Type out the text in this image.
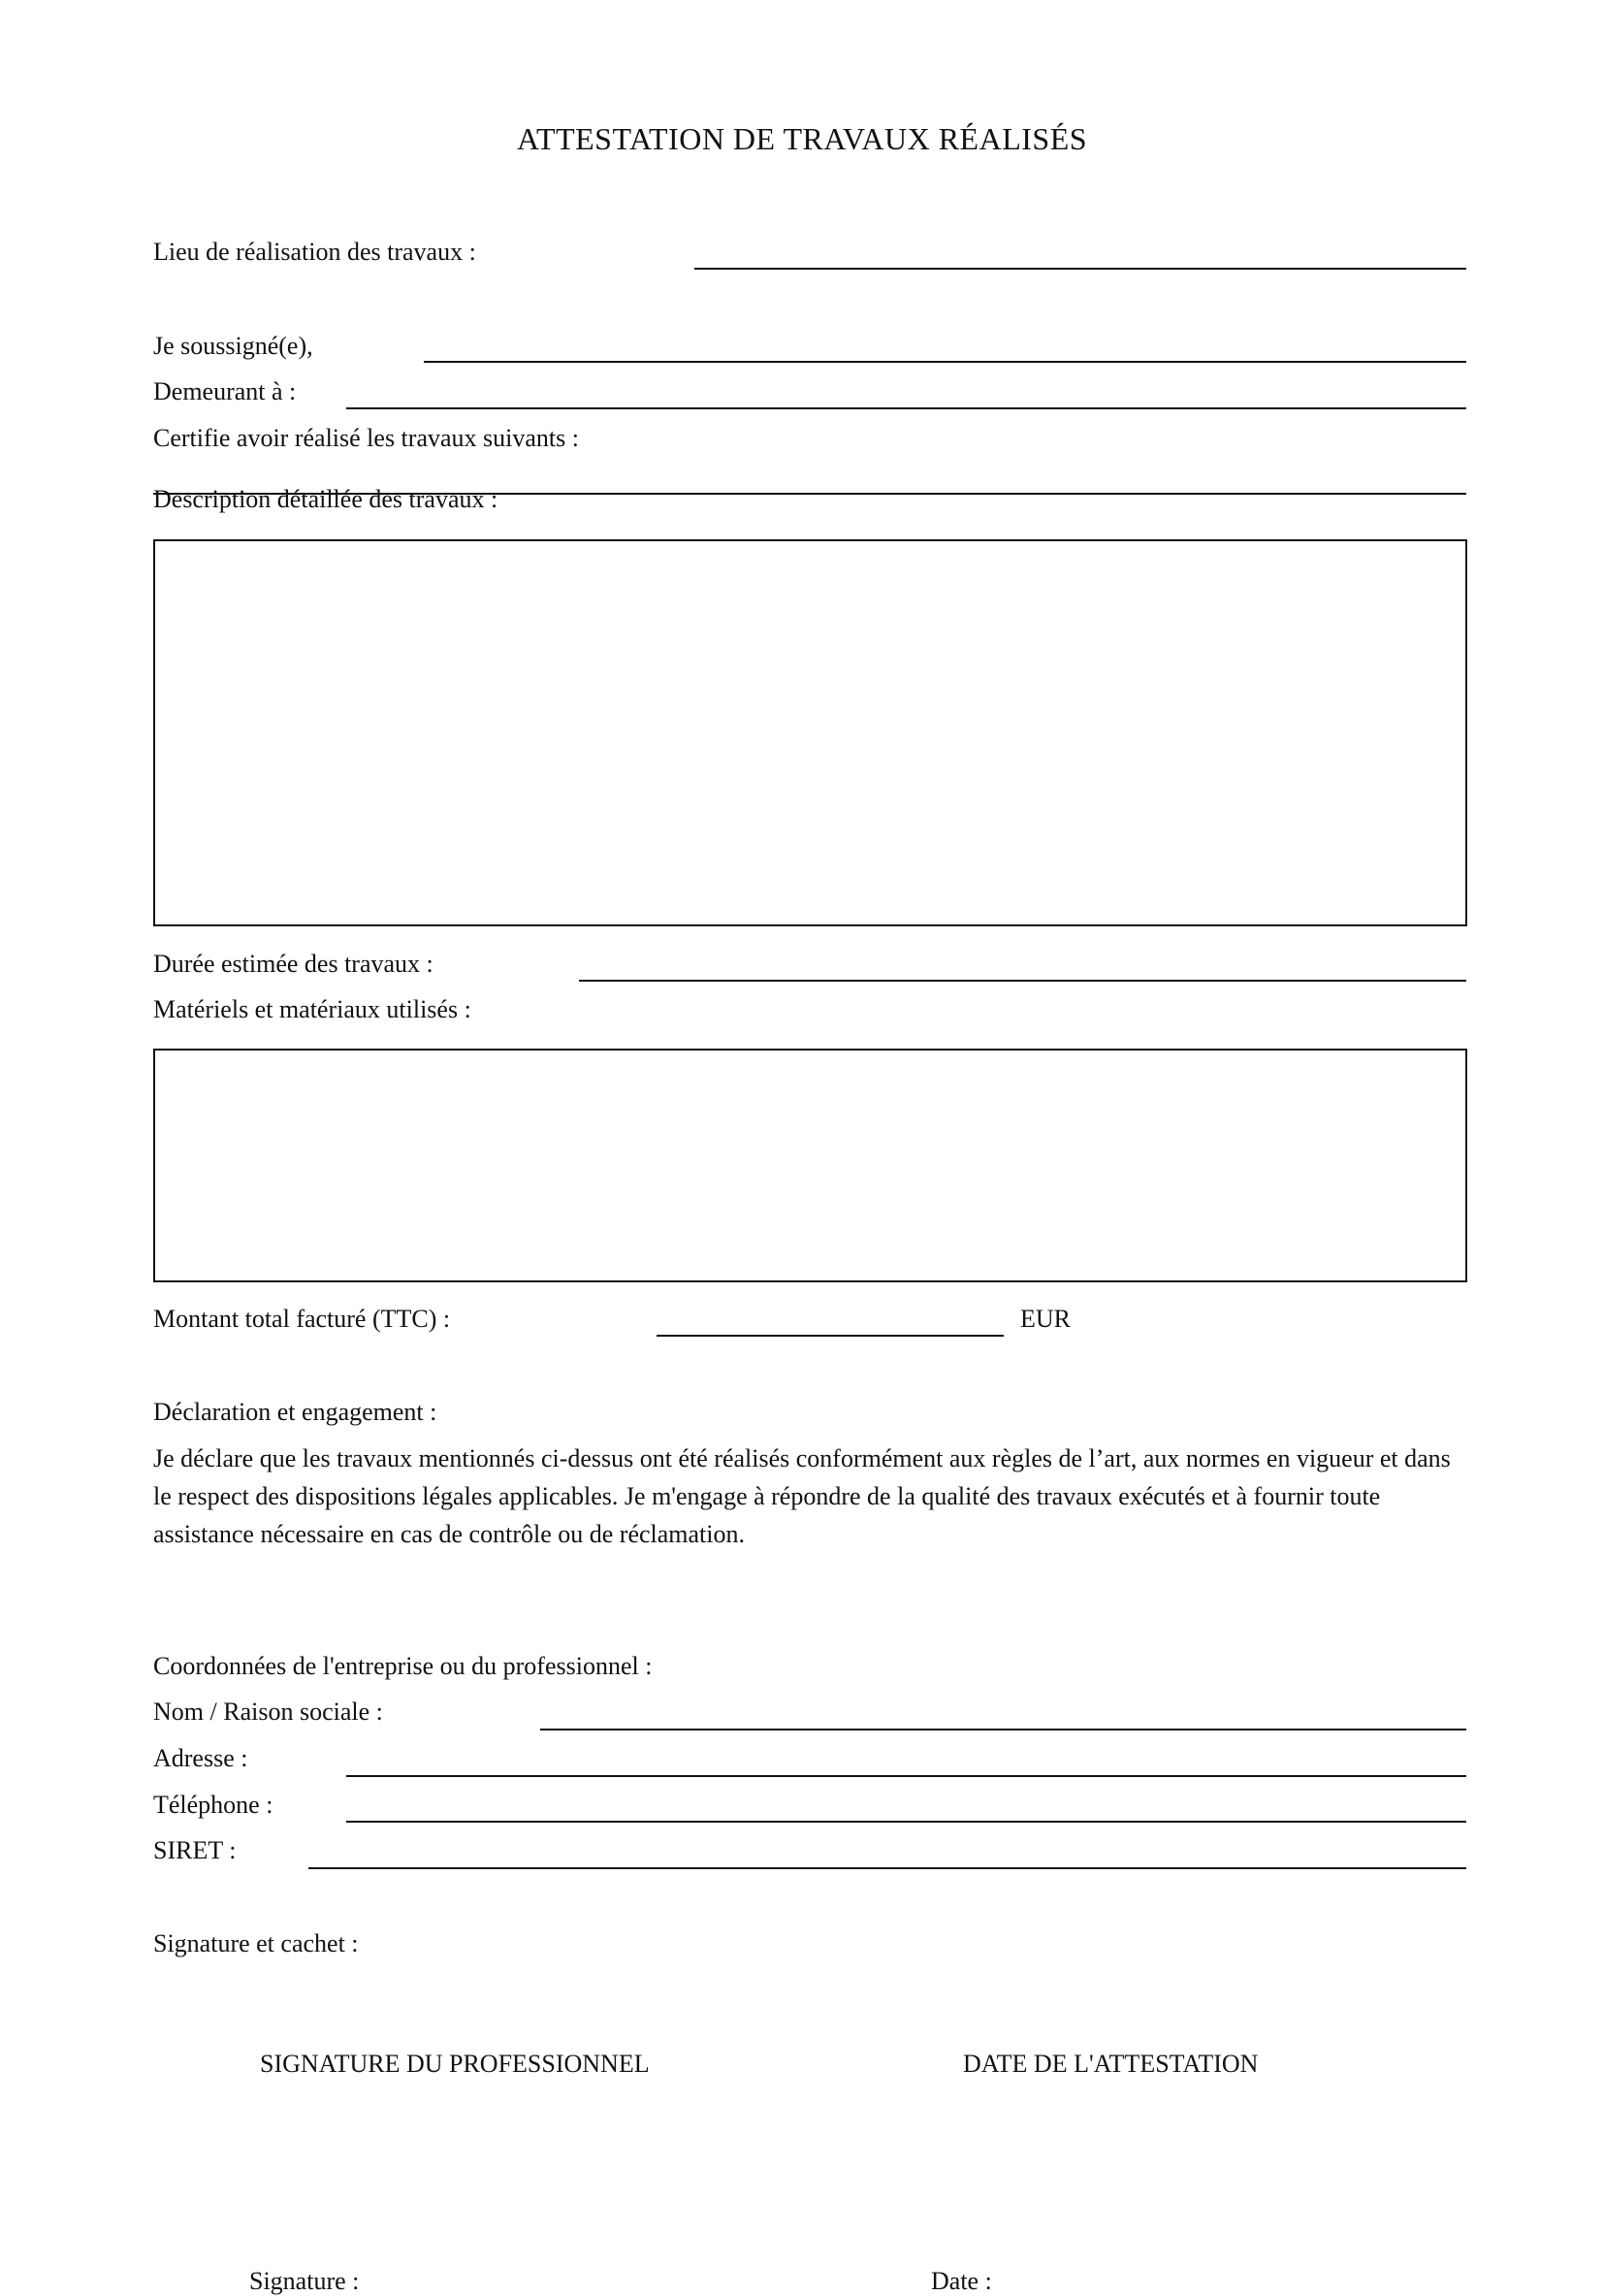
ATTESTATION DE TRAVAUX RÉALISÉS
Lieu de réalisation des travaux :
Je soussigné(e),
Demeurant à :
Certifie avoir réalisé les travaux suivants :
Description détaillée des travaux :
Durée estimée des travaux :
Matériels et matériaux utilisés :
Montant total facturé (TTC) :	EUR
Déclaration et engagement :
Je déclare que les travaux mentionnés ci-dessus ont été réalisés conformément aux règles de l’art, aux normes en vigueur et dans le respect des dispositions légales applicables. Je m'engage à répondre de la qualité des travaux exécutés et à fournir toute assistance nécessaire en cas de contrôle ou de réclamation.
Coordonnées de l'entreprise ou du professionnel :
Nom / Raison sociale :
Adresse :
Téléphone :
SIRET :
Signature et cachet :
SIGNATURE DU PROFESSIONNEL	DATE DE L'ATTESTATION
Signature :	Date :
